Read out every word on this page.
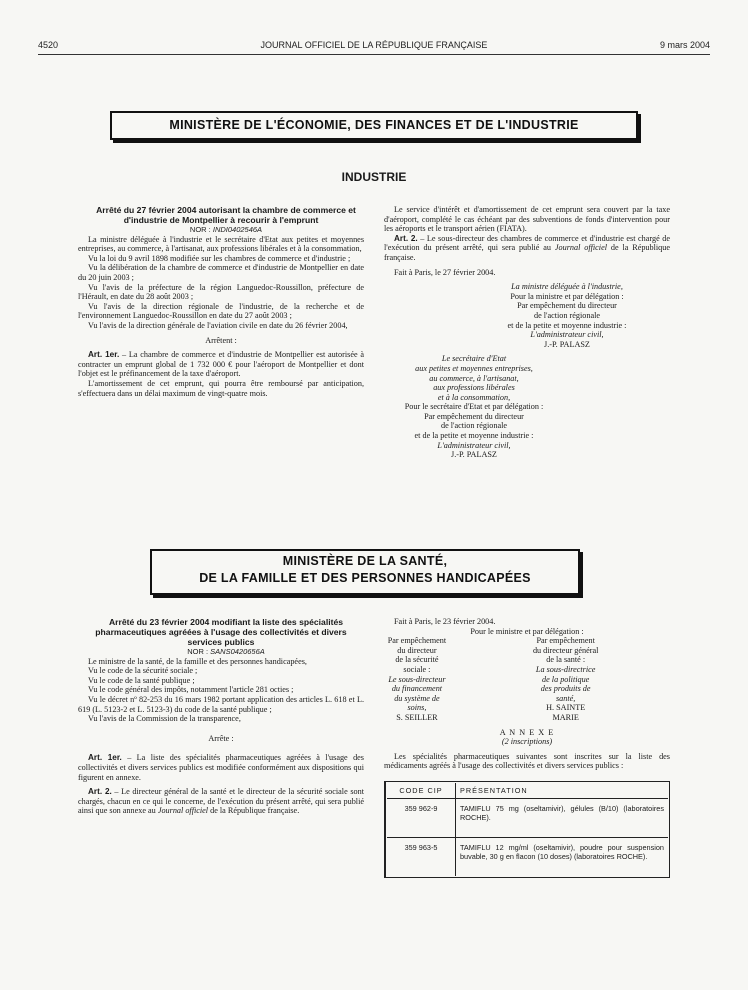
4520	JOURNAL OFFICIEL DE LA RÉPUBLIQUE FRANÇAISE	9 mars 2004
MINISTÈRE DE L'ÉCONOMIE, DES FINANCES ET DE L'INDUSTRIE
INDUSTRIE

Arrêté du 27 février 2004 autorisant la chambre de commerce et d'industrie de Montpellier à recourir à l'emprunt

NOR : INDI0402546A

La ministre déléguée à l'industrie et le secrétaire d'Etat aux petites et moyennes entreprises, au commerce, à l'artisanat, aux professions libérales et à la consommation,

Vu la loi du 9 avril 1898 modifiée sur les chambres de commerce et d'industrie ;

Vu la délibération de la chambre de commerce et d'industrie de Montpellier en date du 20 juin 2003 ;

Vu l'avis de la préfecture de la région Languedoc-Roussillon, préfecture de l'Hérault, en date du 28 août 2003 ;

Vu l'avis de la direction régionale de l'industrie, de la recherche et de l'environnement Languedoc-Roussillon en date du 27 août 2003 ;

Vu l'avis de la direction générale de l'aviation civile en date du 26 février 2004,

Arrêtent :

Art. 1er. – La chambre de commerce et d'industrie de Montpellier est autorisée à contracter un emprunt global de 1 732 000 € pour l'aéroport de Montpellier et dont l'objet est le préfinancement de la taxe d'aéroport.

L'amortissement de cet emprunt, qui pourra être remboursé par anticipation, s'effectuera dans un délai maximum de vingt-quatre mois.

Le service d'intérêt et d'amortissement de cet emprunt sera couvert par la taxe d'aéroport, complété le cas échéant par des subventions de fonds d'intervention pour les aéroports et le transport aérien (FIATA).

Art. 2. – Le sous-directeur des chambres de commerce et d'industrie est chargé de l'exécution du présent arrêté, qui sera publié au Journal officiel de la République française.

Fait à Paris, le 27 février 2004.

La ministre déléguée à l'industrie,
Pour la ministre et par délégation :
Par empêchement du directeur
de l'action régionale
et de la petite et moyenne industrie :
L'administrateur civil,
J.-P. PALASZ
Le secrétaire d'Etat
aux petites et moyennes entreprises,
au commerce, à l'artisanat,
aux professions libérales
et à la consommation,
Pour le secrétaire d'Etat et par délégation :
Par empêchement du directeur
de l'action régionale
et de la petite et moyenne industrie :
L'administrateur civil,
J.-P. PALASZ
MINISTÈRE DE LA SANTÉ,
DE LA FAMILLE ET DES PERSONNES HANDICAPÉES

Arrêté du 23 février 2004 modifiant la liste des spécialités pharmaceutiques agréées à l'usage des collectivités et divers services publics

NOR : SANS0420656A

Le ministre de la santé, de la famille et des personnes handicapées,

Vu le code de la sécurité sociale ;

Vu le code de la santé publique ;

Vu le code général des impôts, notamment l'article 281 octies ;

Vu le décret nº 82-253 du 16 mars 1982 portant application des articles L. 618 et L. 619 (L. 5123-2 et L. 5123-3) du code de la santé publique ;

Vu l'avis de la Commission de la transparence,

Arrête :

Art. 1er. – La liste des spécialités pharmaceutiques agréées à l'usage des collectivités et divers services publics est modifiée conformément aux dispositions qui figurent en annexe.

Art. 2. – Le directeur général de la santé et le directeur de la sécurité sociale sont chargés, chacun en ce qui le concerne, de l'exécution du présent arrêté, qui sera publié ainsi que son annexe au Journal officiel de la République française.

Fait à Paris, le 23 février 2004.

Pour le ministre et par délégation :
Par empêchement du directeur
de la sécurité sociale :
Le sous-directeur
du financement
du système de soins,
S. SEILLER
Par empêchement
du directeur général de la santé :
La sous-directrice
de la politique
des produits de santé,
H. SAINTE MARIE
A N N E X E
(2 inscriptions)

Les spécialités pharmaceutiques suivantes sont inscrites sur la liste des médicaments agréés à l'usage des collectivités et divers services publics :

CODE CIP	PRÉSENTATION
359 962-9	TAMIFLU 75 mg (oseltamivir), gélules (B/10) (laboratoires ROCHE).
359 963-5	TAMIFLU 12 mg/ml (oseltamivir), poudre pour suspension buvable, 30 g en flacon (10 doses) (laboratoires ROCHE).
